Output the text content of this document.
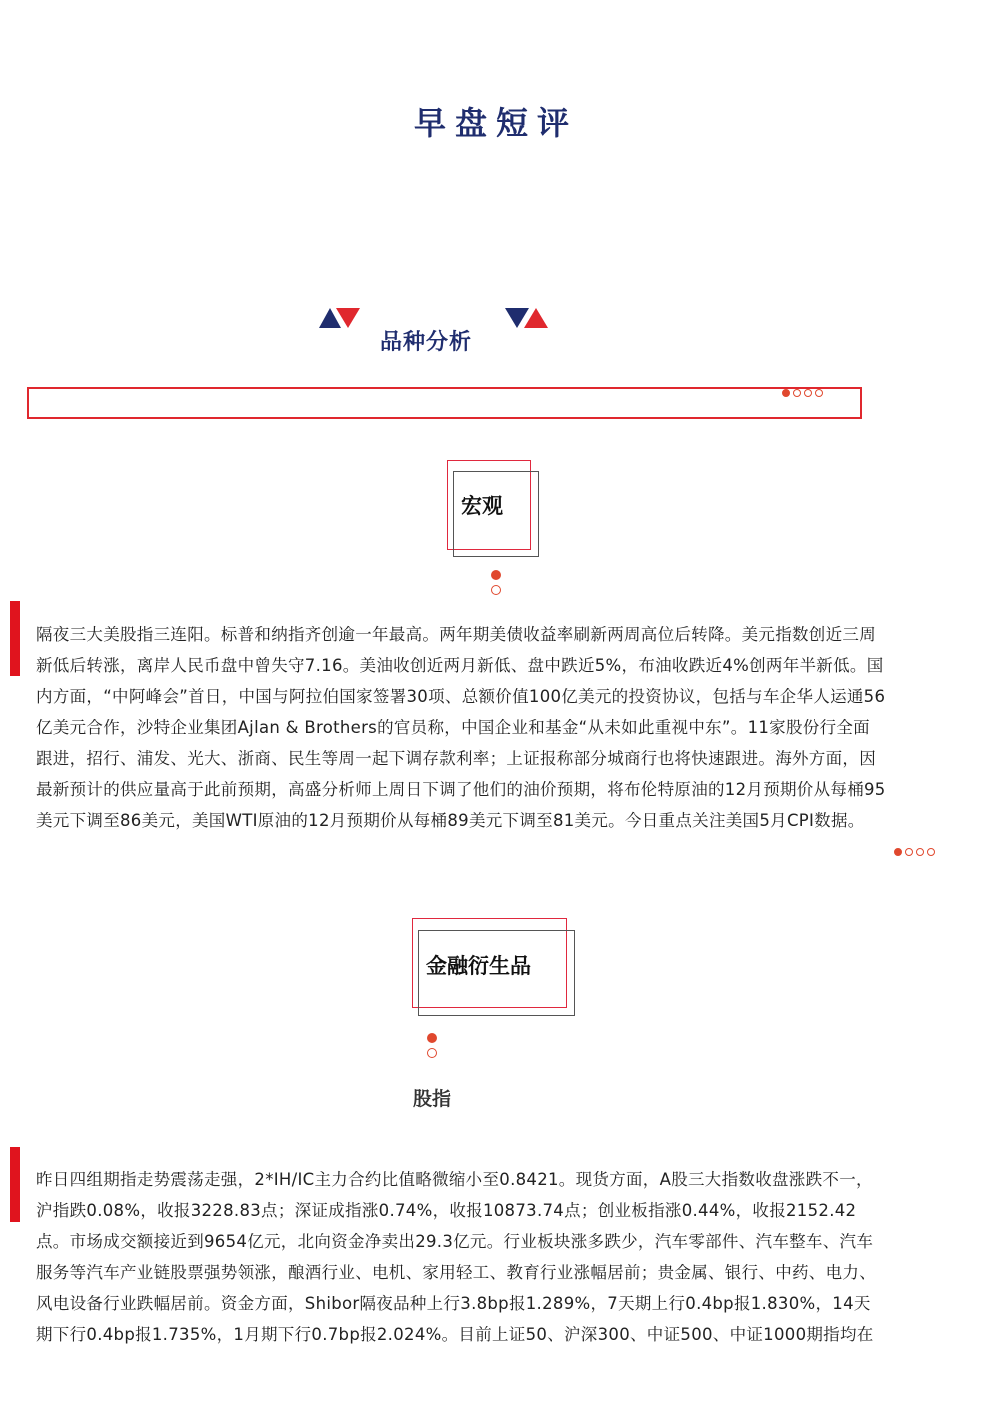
早盘短评
品种分析
宏观
隔夜三大美股指三连阳。标普和纳指齐创逾一年最高。两年期美债收益率刷新两周高位后转降。美元指数创近三周
新低后转涨，离岸人民币盘中曾失守7.16。美油收创近两月新低、盘中跌近5%，布油收跌近4%创两年半新低。国
内方面，“中阿峰会”首日，中国与阿拉伯国家签署30项、总额价值100亿美元的投资协议，包括与车企华人运通56
亿美元合作，沙特企业集团Ajlan & Brothers的官员称，中国企业和基金“从未如此重视中东”。11家股份行全面
跟进，招行、浦发、光大、浙商、民生等周一起下调存款利率；上证报称部分城商行也将快速跟进。海外方面，因
最新预计的供应量高于此前预期，高盛分析师上周日下调了他们的油价预期，将布伦特原油的12月预期价从每桶95
美元下调至86美元，美国WTI原油的12月预期价从每桶89美元下调至81美元。今日重点关注美国5月CPI数据。
金融衍生品
股指
昨日四组期指走势震荡走强，2*IH/IC主力合约比值略微缩小至0.8421。现货方面，A股三大指数收盘涨跌不一，
沪指跌0.08%，收报3228.83点；深证成指涨0.74%，收报10873.74点；创业板指涨0.44%，收报2152.42
点。市场成交额接近到9654亿元，北向资金净卖出29.3亿元。行业板块涨多跌少，汽车零部件、汽车整车、汽车
服务等汽车产业链股票强势领涨，酿酒行业、电机、家用轻工、教育行业涨幅居前；贵金属、银行、中药、电力、
风电设备行业跌幅居前。资金方面，Shibor隔夜品种上行3.8bp报1.289%，7天期上行0.4bp报1.830%，14天
期下行0.4bp报1.735%，1月期下行0.7bp报2.024%。目前上证50、沪深300、中证500、中证1000期指均在
